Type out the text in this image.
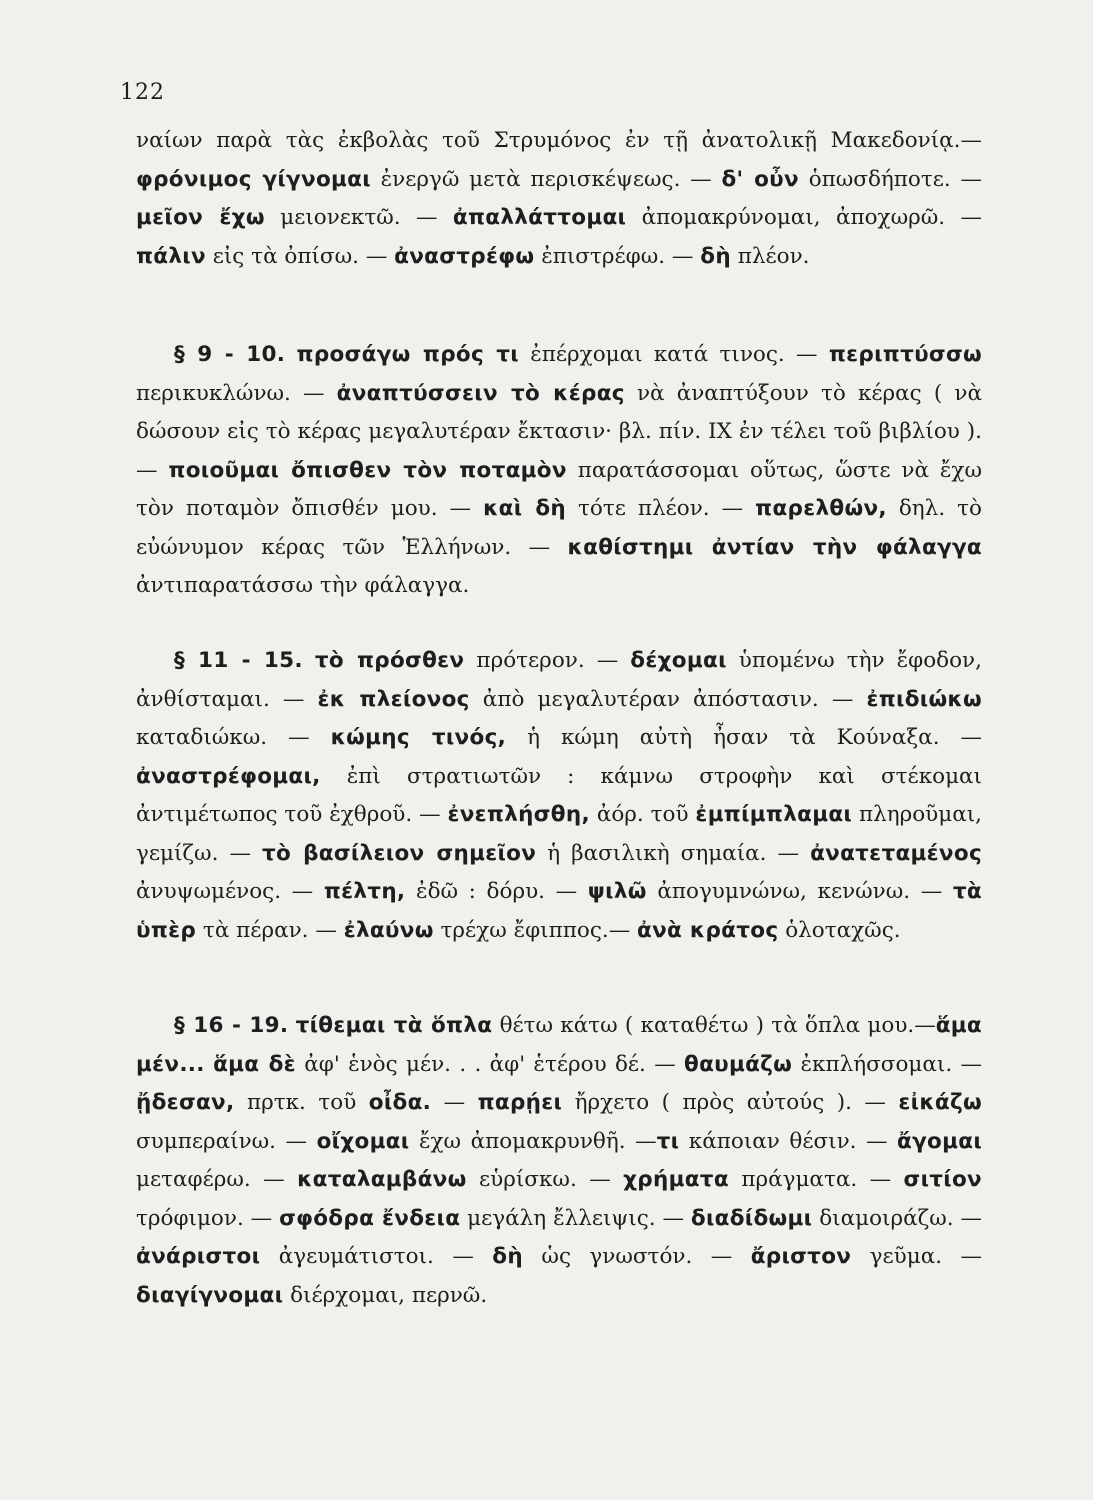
122

ναίων παρὰ τὰς ἐκβολὰς τοῦ Στρυμόνος ἐν τῇ ἀνατολικῇ Μακεδονίᾳ.— φρόνιμος γίγνομαι ἐνεργῶ μετὰ περισκέψεως. — δ' οὖν ὁπωσδήποτε. — μεῖον ἔχω μειονεκτῶ. — ἀπαλλάττομαι ἀπομακρύνομαι, ἀποχωρῶ. — πάλιν εἰς τὰ ὀπίσω. — ἀναστρέφω ἐπιστρέφω. — δὴ πλέον.

§ 9 - 10. προσάγω πρός τι ἐπέρχομαι κατά τινος. — περιπτύσσω περικυκλώνω. — ἀναπτύσσειν τὸ κέρας νὰ ἀναπτύξουν τὸ κέρας ( νὰ δώσουν εἰς τὸ κέρας μεγαλυτέραν ἔκτασιν· βλ. πίν. IX ἐν τέλει τοῦ βιβλίου ). — ποιοῦμαι ὄπισθεν τὸν ποταμὸν παρατάσσομαι οὕτως, ὥστε νὰ ἔχω τὸν ποταμὸν ὄπισθέν μου. — καὶ δὴ τότε πλέον. — παρελθών, δηλ. τὸ εὐώνυμον κέρας τῶν Ἑλλήνων. — καθίστημι ἀντίαν τὴν φάλαγγα ἀντιπαρατάσσω τὴν φάλαγγα.

§ 11 - 15. τὸ πρόσθεν πρότερον. — δέχομαι ὑπομένω τὴν ἔφοδον, ἀνθίσταμαι. — ἐκ πλείονος ἀπὸ μεγαλυτέραν ἀπόστασιν. — ἐπιδιώκω καταδιώκω. — κώμης τινός, ἡ κώμη αὐτὴ ἦσαν τὰ Κούναξα. — ἀναστρέφομαι, ἐπὶ στρατιωτῶν : κάμνω στροφὴν καὶ στέκομαι ἀντιμέτωπος τοῦ ἐχθροῦ. — ἐνεπλήσθη, ἀόρ. τοῦ ἐμπίμπλαμαι πληροῦμαι, γεμίζω. — τὸ βασίλειον σημεῖον ἡ βασιλικὴ σημαία. — ἀνατεταμένος ἀνυψωμένος. — πέλτη, ἐδῶ : δόρυ. — ψιλῶ ἀπογυμνώνω, κενώνω. — τὰ ὑπὲρ τὰ πέραν. — ἐλαύνω τρέχω ἔφιππος.— ἀνὰ κράτος ὁλοταχῶς.

§ 16 - 19. τίθεμαι τὰ ὅπλα θέτω κάτω ( καταθέτω ) τὰ ὅπλα μου.—ἅμα μέν... ἅμα δὲ ἀφ' ἑνὸς μέν. . . ἀφ' ἑτέρου δέ. — θαυμάζω ἐκπλήσσομαι. — ᾔδεσαν, πρτκ. τοῦ οἶδα. — παρῄει ἤρχετο ( πρὸς αὐτούς ). — εἰκάζω συμπεραίνω. — οἴχομαι ἔχω ἀπομακρυνθῆ. —τι κάποιαν θέσιν. — ἄγομαι μεταφέρω. — καταλαμβάνω εὑρίσκω. — χρήματα πράγματα. — σιτίον τρόφιμον. — σφόδρα ἔνδεια μεγάλη ἔλλειψις. — διαδίδωμι διαμοιράζω. — ἀνάριστοι ἀγευμάτιστοι. — δὴ ὡς γνωστόν. — ἄριστον γεῦμα. — διαγίγνομαι διέρχομαι, περνῶ.
